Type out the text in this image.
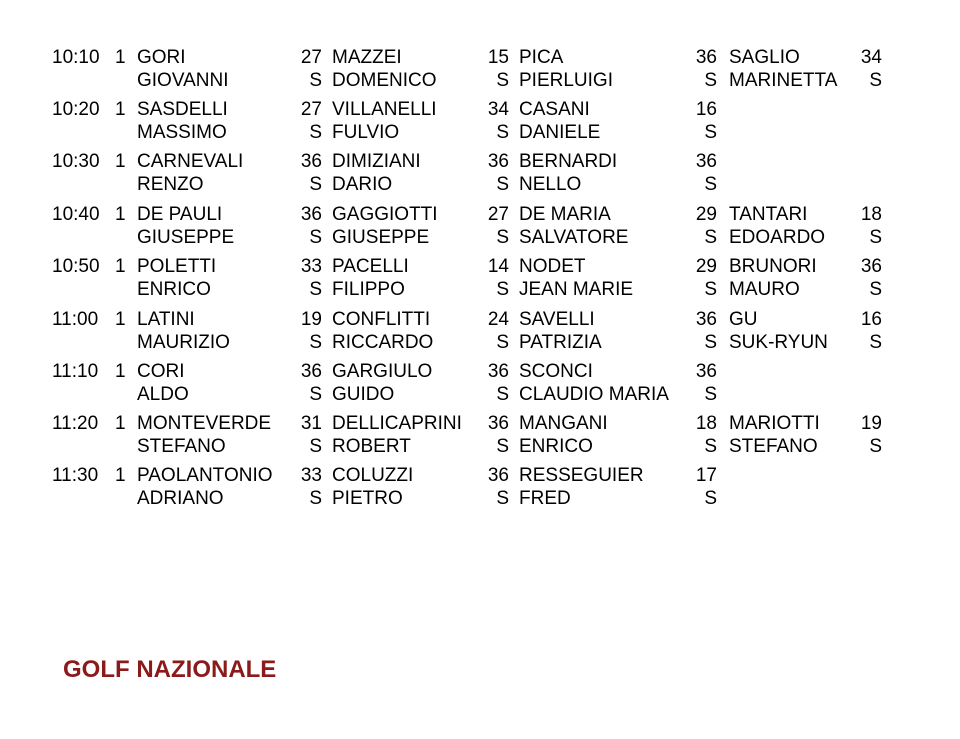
10:10 1 GORI
GIOVANNI
27
S
MAZZEI
DOMENICO
15
S
PICA
PIERLUIGI
36
S
SAGLIO
MARINETTA
34
S
10:20 1 SASDELLI
MASSIMO
27
S
VILLANELLI
FULVIO
34
S
CASANI
DANIELE
16
S
10:30 1 CARNEVALI
RENZO
36
S
DIMIZIANI
DARIO
36
S
BERNARDI
NELLO
36
S
10:40 1 DE PAULI
GIUSEPPE
36
S
GAGGIOTTI
GIUSEPPE
27
S
DE MARIA
SALVATORE
29
S
TANTARI
EDOARDO
18
S
10:50 1 POLETTI
ENRICO
33
S
PACELLI
FILIPPO
14
S
NODET
JEAN MARIE
29
S
BRUNORI
MAURO
36
S
11:00 1 LATINI
MAURIZIO
19
S
CONFLITTI
RICCARDO
24
S
SAVELLI
PATRIZIA
36
S
GU
SUK-RYUN
16
S
11:10 1 CORI
ALDO
36
S
GARGIULO
GUIDO
36
S
SCONCI
CLAUDIO MARIA
36
S
11:20 1 MONTEVERDE
STEFANO
31
S
DELLICAPRINI
ROBERT
36
S
MANGANI
ENRICO
18
S
MARIOTTI
STEFANO
19
S
11:30 1 PAOLANTONIO
ADRIANO
33
S
COLUZZI
PIETRO
36
S
RESSEGUIER
FRED
17
S
GOLF NAZIONALE
